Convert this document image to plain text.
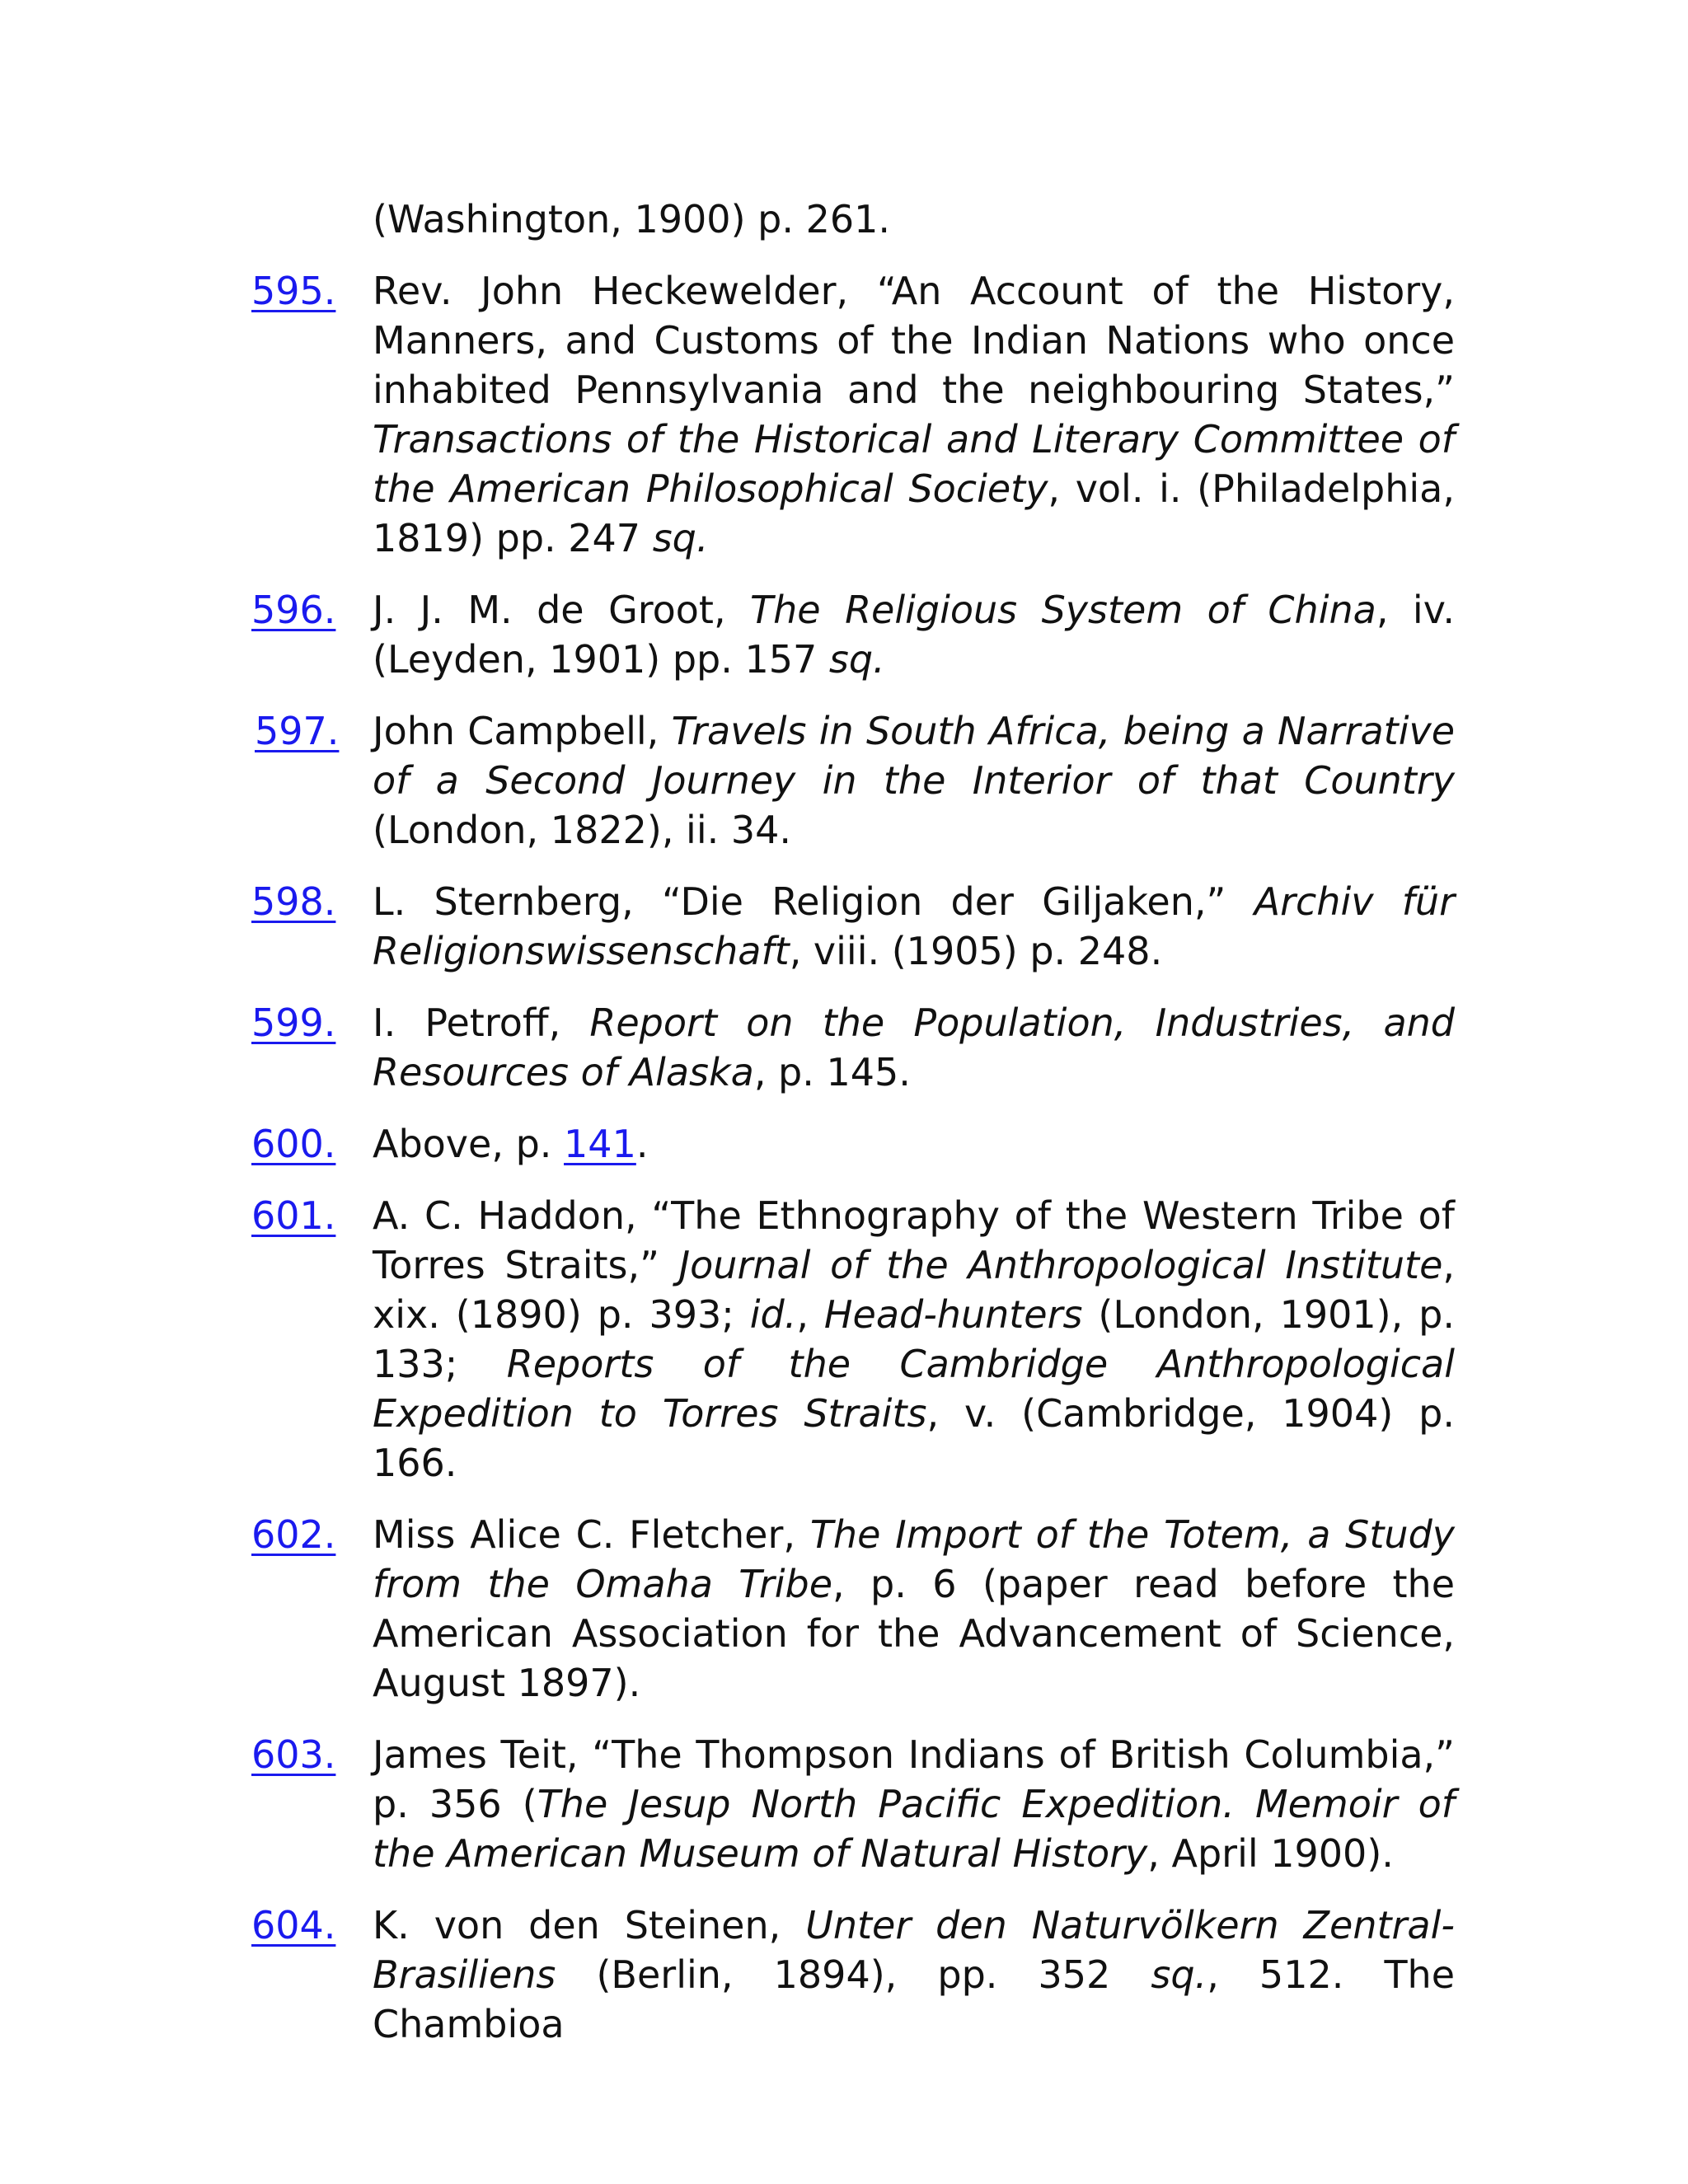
(Washington, 1900) p. 261.
595. Rev. John Heckewelder, “An Account of the History, Manners, and Customs of the Indian Nations who once inhabited Pennsylvania and the neighbouring States,” Transactions of the Historical and Literary Committee of the American Philosophical Society, vol. i. (Philadelphia, 1819) pp. 247 sq.
596. J. J. M. de Groot, The Religious System of China, iv. (Leyden, 1901) pp. 157 sq.
597. John Campbell, Travels in South Africa, being a Narrative of a Second Journey in the Interior of that Country (London, 1822), ii. 34.
598. L. Sternberg, “Die Religion der Giljaken,” Archiv für Religionswissenschaft, viii. (1905) p. 248.
599. I. Petroff, Report on the Population, Industries, and Resources of Alaska, p. 145.
600. Above, p. 141.
601. A. C. Haddon, “The Ethnography of the Western Tribe of Torres Straits,” Journal of the Anthropological Institute, xix. (1890) p. 393; id., Head-hunters (London, 1901), p. 133; Reports of the Cambridge Anthropological Expedition to Torres Straits, v. (Cambridge, 1904) p. 166.
602. Miss Alice C. Fletcher, The Import of the Totem, a Study from the Omaha Tribe, p. 6 (paper read before the American Association for the Advancement of Science, August 1897).
603. James Teit, “The Thompson Indians of British Columbia,” p. 356 (The Jesup North Pacific Expedition. Memoir of the American Museum of Natural History, April 1900).
604. K. von den Steinen, Unter den Naturvölkern Zentral-Brasiliens (Berlin, 1894), pp. 352 sq., 512. The Chambioa
